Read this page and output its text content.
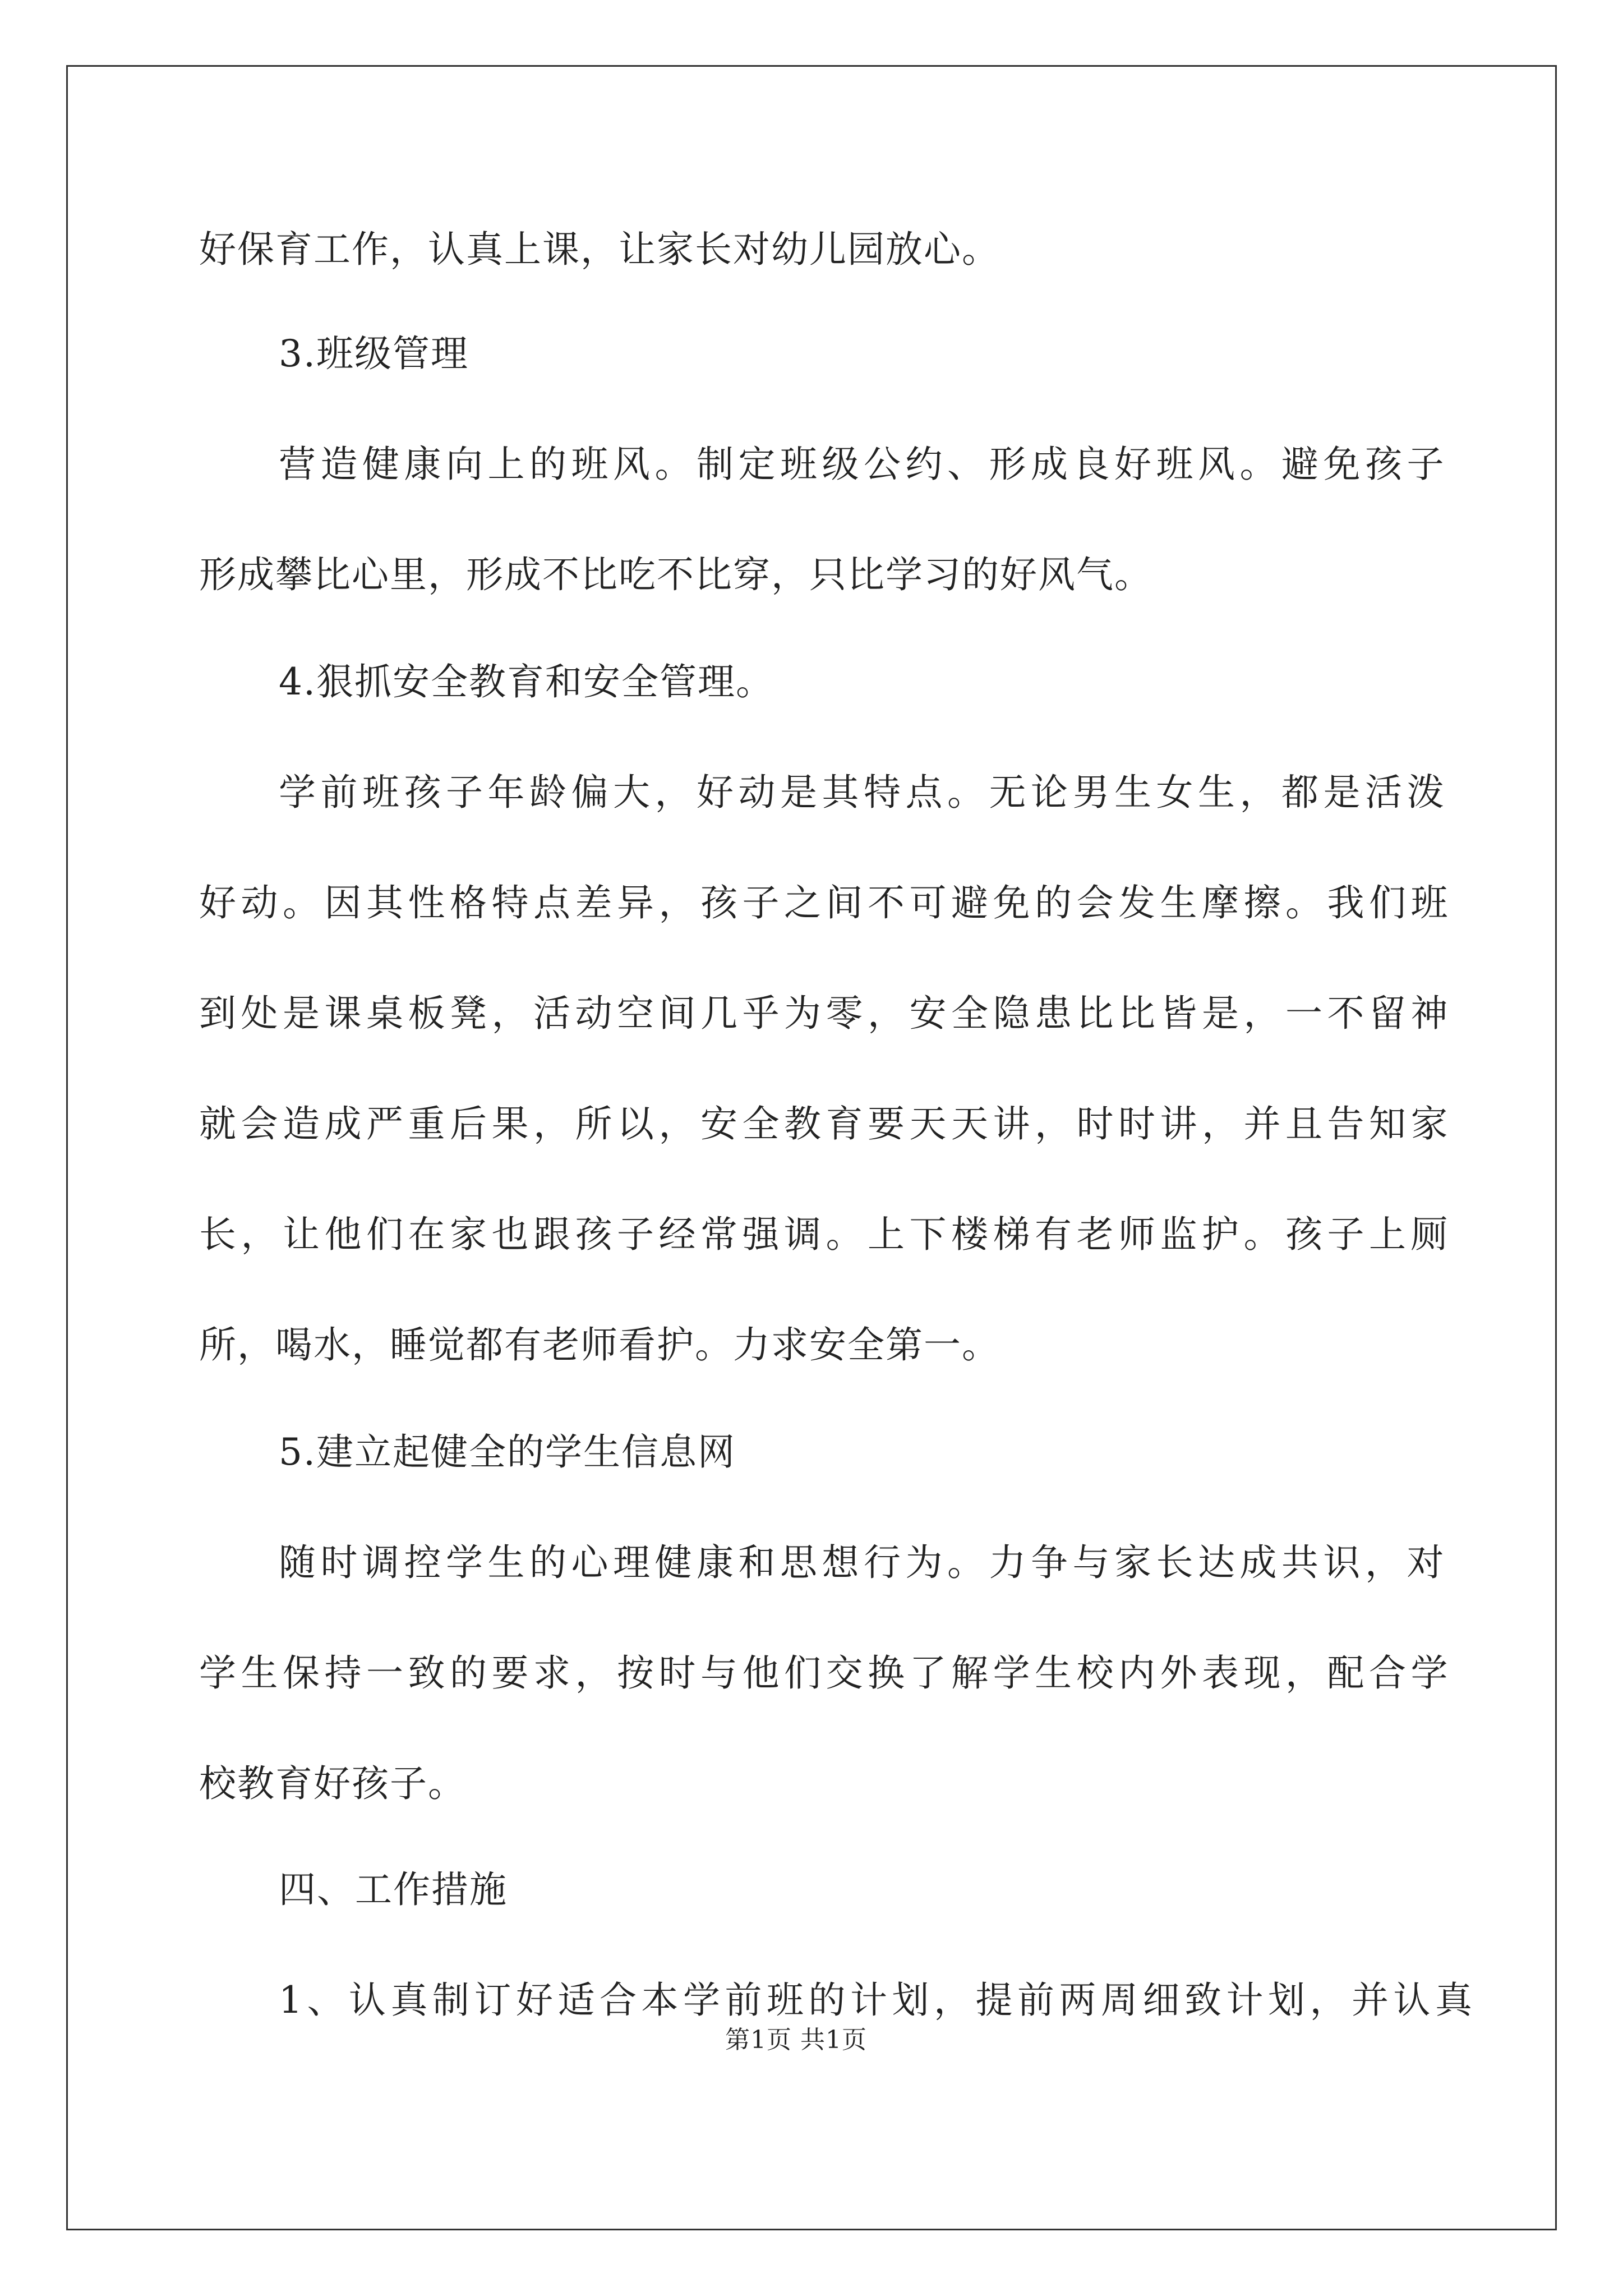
好保育工作，认真上课，让家长对幼儿园放心。
3.班级管理
营造健康向上的班风。制定班级公约、形成良好班风。避免孩子
形成攀比心里，形成不比吃不比穿，只比学习的好风气。
4.狠抓安全教育和安全管理。
学前班孩子年龄偏大，好动是其特点。无论男生女生，都是活泼
好动。因其性格特点差异，孩子之间不可避免的会发生摩擦。我们班
到处是课桌板凳，活动空间几乎为零，安全隐患比比皆是，一不留神
就会造成严重后果，所以，安全教育要天天讲，时时讲，并且告知家
长，让他们在家也跟孩子经常强调。上下楼梯有老师监护。孩子上厕
所，喝水，睡觉都有老师看护。力求安全第一。
5.建立起健全的学生信息网
随时调控学生的心理健康和思想行为。力争与家长达成共识，对
学生保持一致的要求，按时与他们交换了解学生校内外表现，配合学
校教育好孩子。
四、工作措施
1、认真制订好适合本学前班的计划，提前两周细致计划，并认真
第1页 共1页
